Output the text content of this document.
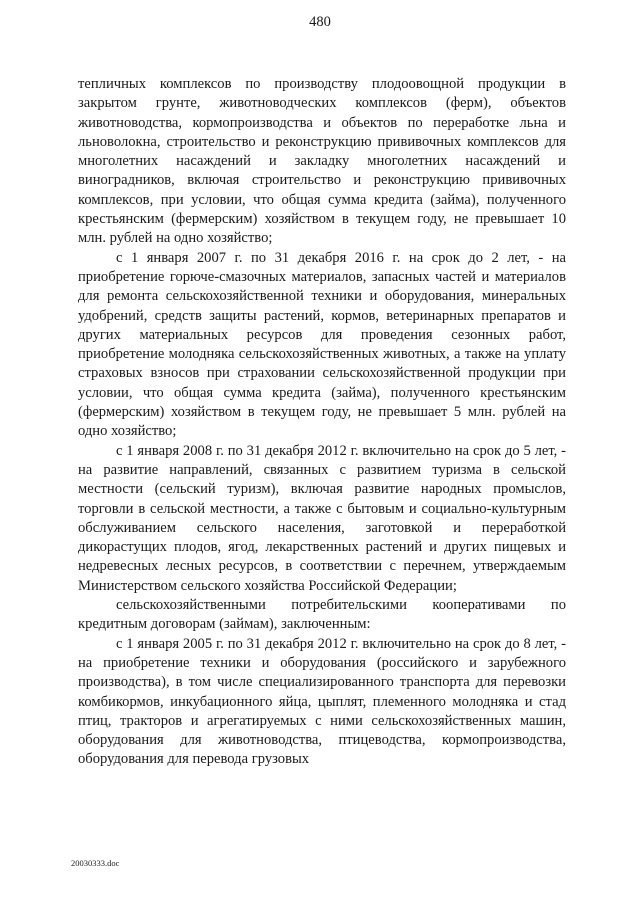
480

тепличных комплексов по производству плодоовощной продукции в закрытом грунте, животноводческих комплексов (ферм), объектов животноводства, кормопроизводства и объектов по переработке льна и льноволокна, строительство и реконструкцию прививочных комплексов для многолетних насаждений и закладку многолетних насаждений и виноградников, включая строительство и реконструкцию прививочных комплексов, при условии, что общая сумма кредита (займа), полученного крестьянским (фермерским) хозяйством в текущем году, не превышает 10 млн. рублей на одно хозяйство;

с 1 января 2007 г. по 31 декабря 2016 г. на срок до 2 лет, - на приобретение горюче-смазочных материалов, запасных частей и материалов для ремонта сельскохозяйственной техники и оборудования, минеральных удобрений, средств защиты растений, кормов, ветеринарных препаратов и других материальных ресурсов для проведения сезонных работ, приобретение молодняка сельскохозяйственных животных, а также на уплату страховых взносов при страховании сельскохозяйственной продукции при условии, что общая сумма кредита (займа), полученного крестьянским (фермерским) хозяйством в текущем году, не превышает 5 млн. рублей на одно хозяйство;

с 1 января 2008 г. по 31 декабря 2012 г. включительно на срок до 5 лет, - на развитие направлений, связанных с развитием туризма в сельской местности (сельский туризм), включая развитие народных промыслов, торговли в сельской местности, а также с бытовым и социально-культурным обслуживанием сельского населения, заготовкой и переработкой дикорастущих плодов, ягод, лекарственных растений и других пищевых и недревесных лесных ресурсов, в соответствии с перечнем, утверждаемым Министерством сельского хозяйства Российской Федерации;

сельскохозяйственными потребительскими кооперативами по кредитным договорам (займам), заключенным:

с 1 января 2005 г. по 31 декабря 2012 г. включительно на срок до 8 лет, - на приобретение техники и оборудования (российского и зарубежного производства), в том числе специализированного транспорта для перевозки комбикормов, инкубационного яйца, цыплят, племенного молодняка и стад птиц, тракторов и агрегатируемых с ними сельскохозяйственных машин, оборудования для животноводства, птицеводства, кормопроизводства, оборудования для перевода грузовых

20030333.doc
